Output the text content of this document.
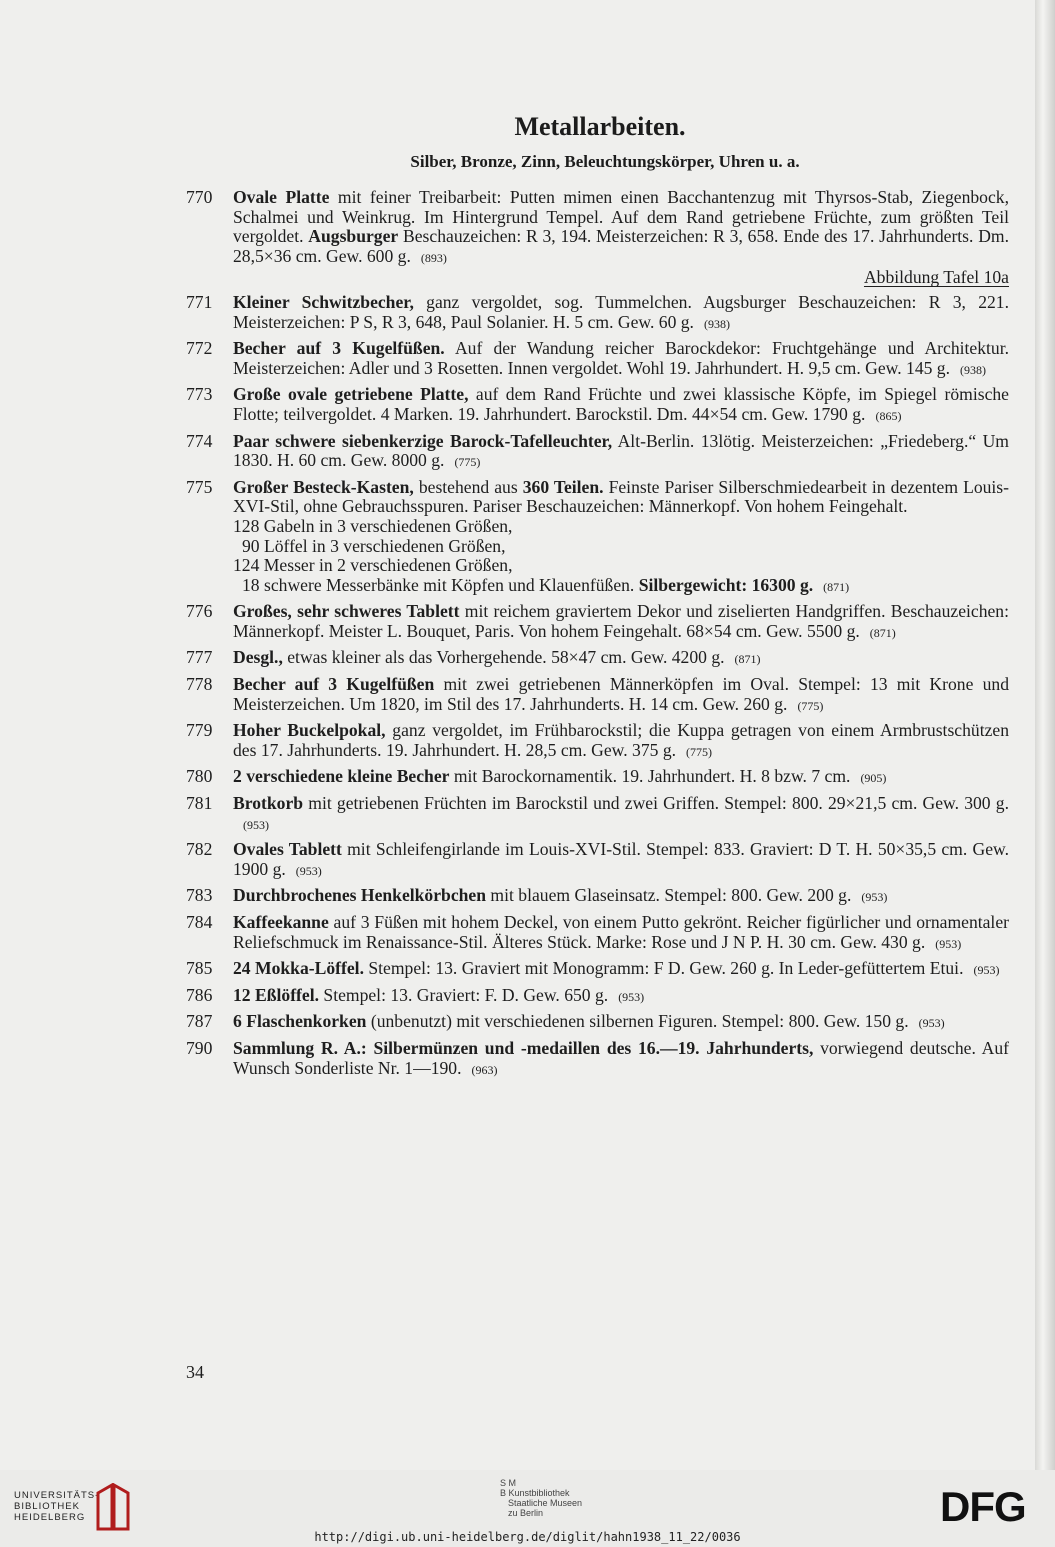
Metallarbeiten.
Silber, Bronze, Zinn, Beleuchtungskörper, Uhren u. a.
770	Ovale Platte mit feiner Treibarbeit: Putten mimen einen Bacchantenzug mit Thyrsos-Stab, Ziegenbock, Schalmei und Weinkrug. Im Hintergrund Tempel. Auf dem Rand getriebene Früchte, zum größten Teil vergoldet. Augsburger Beschauzeichen: R 3, 194. Meisterzeichen: R 3, 658. Ende des 17. Jahrhunderts. Dm. 28,5×36 cm. Gew. 600 g. (893)
Abbildung Tafel 10a
771	Kleiner Schwitzbecher, ganz vergoldet, sog. Tummelchen. Augsburger Beschauzeichen: R 3, 221. Meisterzeichen: P S, R 3, 648, Paul Solanier. H. 5 cm. Gew. 60 g. (938)
772	Becher auf 3 Kugelfüßen. Auf der Wandung reicher Barockdekor: Fruchtgehänge und Architektur. Meisterzeichen: Adler und 3 Rosetten. Innen vergoldet. Wohl 19. Jahrhundert. H. 9,5 cm. Gew. 145 g. (938)
773	Große ovale getriebene Platte, auf dem Rand Früchte und zwei klassische Köpfe, im Spiegel römische Flotte; teilvergoldet. 4 Marken. 19. Jahrhundert. Barockstil. Dm. 44×54 cm. Gew. 1790 g. (865)
774	Paar schwere siebenkerzige Barock-Tafelleuchter, Alt-Berlin. 13lötig. Meisterzeichen: „Friedeberg.“ Um 1830. H. 60 cm. Gew. 8000 g. (775)
775	Großer Besteck-Kasten, bestehend aus 360 Teilen. Feinste Pariser Silberschmiedearbeit in dezentem Louis-XVI-Stil, ohne Gebrauchsspuren. Pariser Beschauzeichen: Männerkopf. Von hohem Feingehalt.
128 Gabeln in 3 verschiedenen Größen,
90 Löffel in 3 verschiedenen Größen,
124 Messer in 2 verschiedenen Größen,
18 schwere Messerbänke mit Köpfen und Klauenfüßen. Silbergewicht: 16300 g. (871)
776	Großes, sehr schweres Tablett mit reichem graviertem Dekor und ziselierten Handgriffen. Beschauzeichen: Männerkopf. Meister L. Bouquet, Paris. Von hohem Feingehalt. 68×54 cm. Gew. 5500 g. (871)
777	Desgl., etwas kleiner als das Vorhergehende. 58×47 cm. Gew. 4200 g. (871)
778	Becher auf 3 Kugelfüßen mit zwei getriebenen Männerköpfen im Oval. Stempel: 13 mit Krone und Meisterzeichen. Um 1820, im Stil des 17. Jahrhunderts. H. 14 cm. Gew. 260 g. (775)
779	Hoher Buckelpokal, ganz vergoldet, im Frühbarockstil; die Kuppa getragen von einem Armbrustschützen des 17. Jahrhunderts. 19. Jahrhundert. H. 28,5 cm. Gew. 375 g. (775)
780	2 verschiedene kleine Becher mit Barockornamentik. 19. Jahrhundert. H. 8 bzw. 7 cm. (905)
781	Brotkorb mit getriebenen Früchten im Barockstil und zwei Griffen. Stempel: 800. 29×21,5 cm. Gew. 300 g.(953)
782	Ovales Tablett mit Schleifengirlande im Louis-XVI-Stil. Stempel: 833. Graviert: D T. H. 50×35,5 cm. Gew. 1900 g. (953)
783	Durchbrochenes Henkelkörbchen mit blauem Glaseinsatz. Stempel: 800. Gew. 200 g. (953)
784	Kaffeekanne auf 3 Füßen mit hohem Deckel, von einem Putto gekrönt. Reicher figürlicher und ornamentaler Reliefschmuck im Renaissance-Stil. Älteres Stück. Marke: Rose und J N P. H. 30 cm. Gew. 430 g. (953)
785	24 Mokka-Löffel. Stempel: 13. Graviert mit Monogramm: F D. Gew. 260 g. In Leder-gefüttertem Etui. (953)
786	12 Eßlöffel. Stempel: 13. Graviert: F. D. Gew. 650 g. (953)
787	6 Flaschenkorken (unbenutzt) mit verschiedenen silbernen Figuren. Stempel: 800. Gew. 150 g. (953)
790	Sammlung R. A.: Silbermünzen und -medaillen des 16.—19. Jahrhunderts, vorwiegend deutsche. Auf Wunsch Sonderliste Nr. 1—190. (963)
34
UNIVERSITÄTS-
BIBLIOTHEK
HEIDELBERG
S M
B Kunstbibliothek
Staatliche Museen
zu Berlin	DFG
http://digi.ub.uni-heidelberg.de/diglit/hahn1938_11_22/0036
